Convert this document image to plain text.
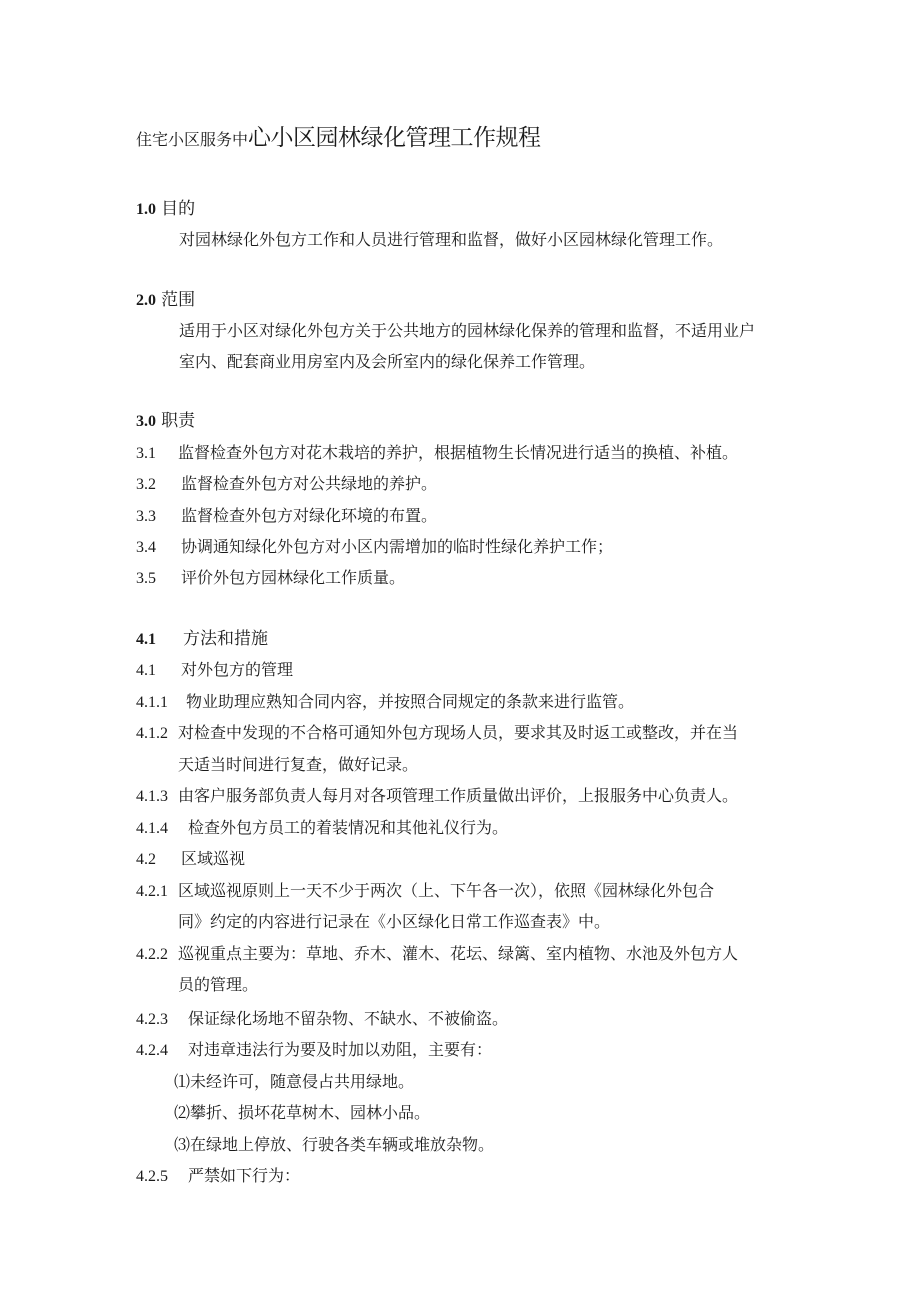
住宅小区服务中心小区园林绿化管理工作规程
1.0 目的
对园林绿化外包方工作和人员进行管理和监督，做好小区园林绿化管理工作。
2.0 范围
适用于小区对绿化外包方关于公共地方的园林绿化保养的管理和监督，不适用业户
室内、配套商业用房室内及会所室内的绿化保养工作管理。
3.0 职责
3.1 监督检查外包方对花木栽培的养护，根据植物生长情况进行适当的换植、补植。
3.2 监督检查外包方对公共绿地的养护。
3.3 监督检查外包方对绿化环境的布置。
3.4 协调通知绿化外包方对小区内需增加的临时性绿化养护工作；
3.5 评价外包方园林绿化工作质量。
4.1 方法和措施
4.1 对外包方的管理
4.1.1 物业助理应熟知合同内容，并按照合同规定的条款来进行监管。
4.1.2 对检查中发现的不合格可通知外包方现场人员，要求其及时返工或整改，并在当
天适当时间进行复查，做好记录。
4.1.3 由客户服务部负责人每月对各项管理工作质量做出评价，上报服务中心负责人。
4.1.4 检查外包方员工的着装情况和其他礼仪行为。
4.2 区域巡视
4.2.1 区域巡视原则上一天不少于两次（上、下午各一次），依照《园林绿化外包合
同》约定的内容进行记录在《小区绿化日常工作巡查表》中。
4.2.2 巡视重点主要为：草地、乔木、灌木、花坛、绿篱、室内植物、水池及外包方人
员的管理。
4.2.3 保证绿化场地不留杂物、不缺水、不被偷盗。
4.2.4 对违章违法行为要及时加以劝阻，主要有：
⑴未经许可，随意侵占共用绿地。
⑵攀折、损坏花草树木、园林小品。
⑶在绿地上停放、行驶各类车辆或堆放杂物。
4.2.5 严禁如下行为：
